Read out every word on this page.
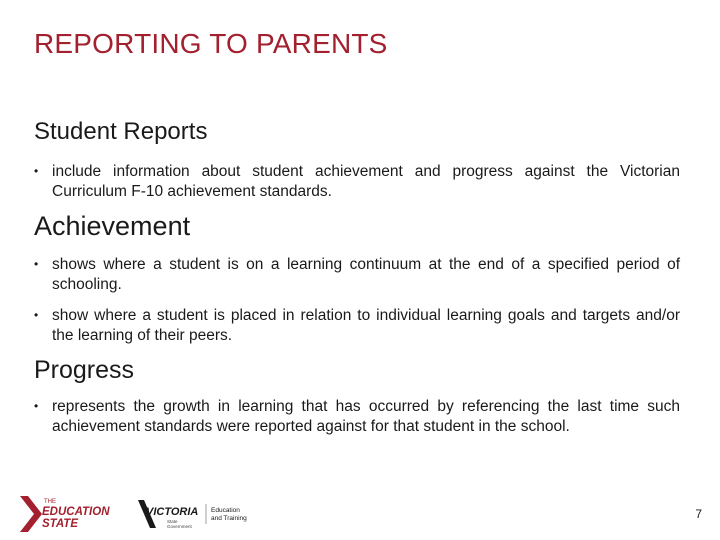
REPORTING TO PARENTS
Student Reports

• include information about student achievement and progress against the Victorian Curriculum F-10 achievement standards.

Achievement

• shows where a student is on a learning continuum at the end of a specified period of schooling.

• show where a student is placed in relation to individual learning goals and targets and/or the learning of their peers.

Progress

• represents the growth in learning that has occurred by referencing the last time such achievement standards were reported against for that student in the school.

THE
EDUCATION
STATE
VICTORIA
State
Government
Education
and Training	7
